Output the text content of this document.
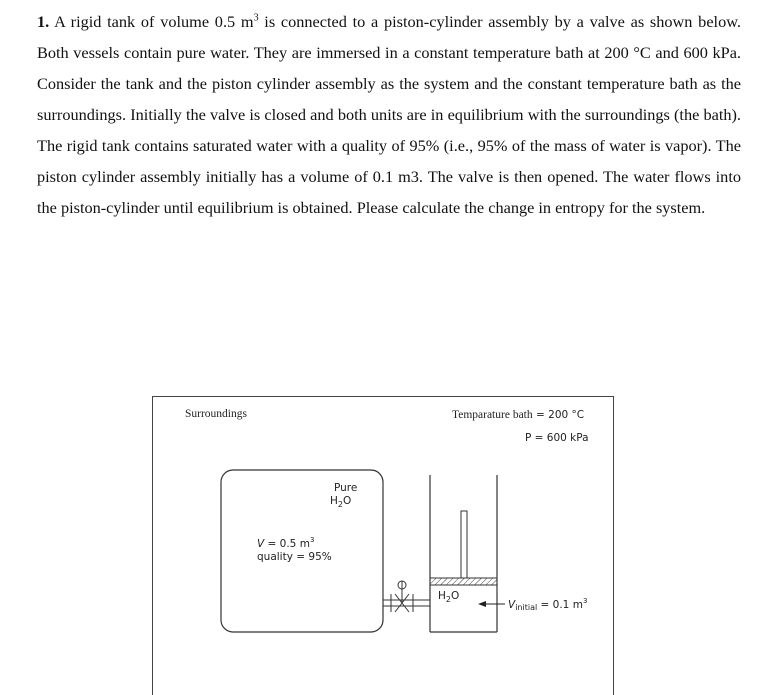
1. A rigid tank of volume 0.5 $m^3$ is connected to a piston-cylinder assembly by a valve as shown below. Both vessels contain pure water. They are immersed in a constant temperature bath at 200 °C and 600 kPa. Consider the tank and the piston cylinder assembly as the system and the constant temperature bath as the surroundings. Initially the valve is closed and both units are in equilibrium with the surroundings (the bath). The rigid tank contains saturated water with a quality of 95% (i.e., 95% of the mass of water is vapor). The piston cylinder assembly initially has a volume of 0.1 m3. The valve is then opened. The water flows into the piston-cylinder until equilibrium is obtained. Please calculate the change in entropy for the system.
Surroundings	Temparature bath = 200 °C
P = 600 kPa
Pure
$H_2O$
V = 0.5 $m^3$
quality = 95%
$H_2O$
Vinitial = 0.1 $m^3$
